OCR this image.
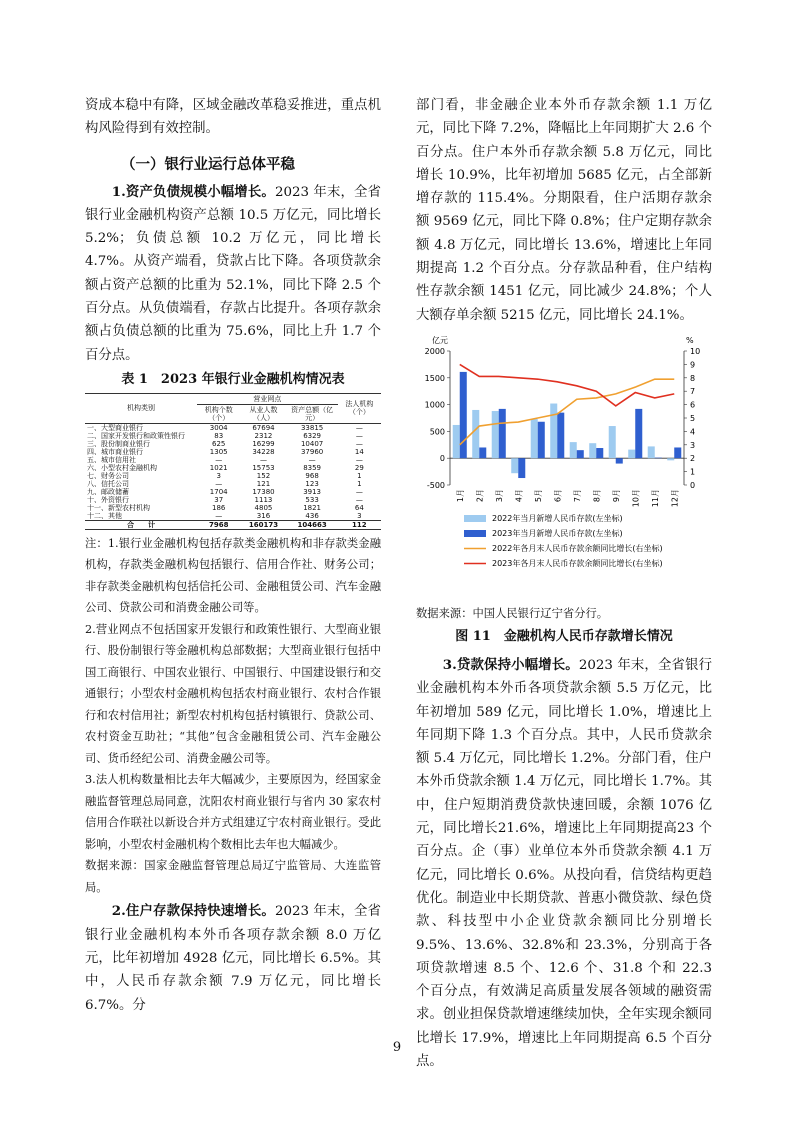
资成本稳中有降，区域金融改革稳妥推进，重点机构风险得到有效控制。

（一）银行业运行总体平稳

1.资产负债规模小幅增长。2023 年末，全省银行业金融机构资产总额 10.5 万亿元，同比增长 5.2%；负债总额 10.2 万亿元，同比增长 4.7%。从资产端看，贷款占比下降。各项贷款余额占资产总额的比重为 52.1%，同比下降 2.5 个百分点。从负债端看，存款占比提升。各项存款余额占负债总额的比重为 75.6%，同比上升 1.7 个百分点。

表 1　2023 年银行业金融机构情况表
机构类别	营业网点			法人机构（个）
	机构个数（个）	从业人数（人）	资产总额（亿元）	
一、大型商业银行	3004	67694	33815	—
二、国家开发银行和政策性银行	83	2312	6329	—
三、股份制商业银行	625	16299	10407	—
四、城市商业银行	1305	34228	37960	14
五、城市信用社	—	—	—	—
六、小型农村金融机构	1021	15753	8359	29
七、财务公司	3	152	968	1
八、信托公司	—	121	123	1
九、邮政储蓄	1704	17380	3913	—
十、外资银行	37	1113	533	—
十一、新型农村机构	186	4805	1821	64
十二、其他	—	316	436	3
合　　计	7968	160173	104663	112

注：1.银行业金融机构包括存款类金融机构和非存款类金融机构，存款类金融机构包括银行、信用合作社、财务公司；非存款类金融机构包括信托公司、金融租赁公司、汽车金融公司、贷款公司和消费金融公司等。

2.营业网点不包括国家开发银行和政策性银行、大型商业银行、股份制银行等金融机构总部数据；大型商业银行包括中国工商银行、中国农业银行、中国银行、中国建设银行和交通银行；小型农村金融机构包括农村商业银行、农村合作银行和农村信用社；新型农村机构包括村镇银行、贷款公司、农村资金互助社；“其他”包含金融租赁公司、汽车金融公司、货币经纪公司、消费金融公司等。

3.法人机构数量相比去年大幅减少，主要原因为，经国家金融监督管理总局同意，沈阳农村商业银行与省内 30 家农村信用合作联社以新设合并方式组建辽宁农村商业银行。受此影响，小型农村金融机构个数相比去年也大幅减少。

数据来源：国家金融监督管理总局辽宁监管局、大连监管局。

2.住户存款保持快速增长。2023 年末，全省银行业金融机构本外币各项存款余额 8.0 万亿元，比年初增加 4928 亿元，同比增长 6.5%。其中，人民币存款余额 7.9 万亿元，同比增长 6.7%。分

部门看，非金融企业本外币存款余额 1.1 万亿元，同比下降 7.2%，降幅比上年同期扩大 2.6 个百分点。住户本外币存款余额 5.8 万亿元，同比增长 10.9%，比年初增加 5685 亿元，占全部新增存款的 115.4%。分期限看，住户活期存款余额 9569 亿元，同比下降 0.8%；住户定期存款余额 4.8 万亿元，同比增长 13.6%，增速比上年同期提高 1.2 个百分点。分存款品种看，住户结构性存款余额 1451 亿元，同比减少 24.8%；个人大额存单余额 5215 亿元，同比增长 24.1%。

亿元	%
-500
0
500
1000
1500
2000
0
1
2
3
4
5
6
7
8
9
10
1月 2月 3月 4月 5月 6月 7月 8月 9月 10月 11月 12月
2022年当月新增人民币存款(左坐标)
2023年当月新增人民币存款(左坐标)
2022年各月末人民币存款余额同比增长(右坐标)
2023年各月末人民币存款余额同比增长(右坐标)

数据来源：中国人民银行辽宁省分行。

图 11　金融机构人民币存款增长情况

3.贷款保持小幅增长。2023 年末，全省银行业金融机构本外币各项贷款余额 5.5 万亿元，比年初增加 589 亿元，同比增长 1.0%，增速比上年同期下降 1.3 个百分点。其中，人民币贷款余额 5.4 万亿元，同比增长 1.2%。分部门看，住户本外币贷款余额 1.4 万亿元，同比增长 1.7%。其中，住户短期消费贷款快速回暖，余额 1076 亿元，同比增长21.6%，增速比上年同期提高23 个百分点。企（事）业单位本外币贷款余额 4.1 万亿元，同比增长 0.6%。从投向看，信贷结构更趋优化。制造业中长期贷款、普惠小微贷款、绿色贷款、科技型中小企业贷款余额同比分别增长 9.5%、13.6%、32.8%和 23.3%，分别高于各项贷款增速 8.5 个、12.6 个、31.8 个和 22.3 个百分点，有效满足高质量发展各领域的融资需求。创业担保贷款增速继续加快，全年实现余额同比增长 17.9%，增速比上年同期提高 6.5 个百分点。

9
